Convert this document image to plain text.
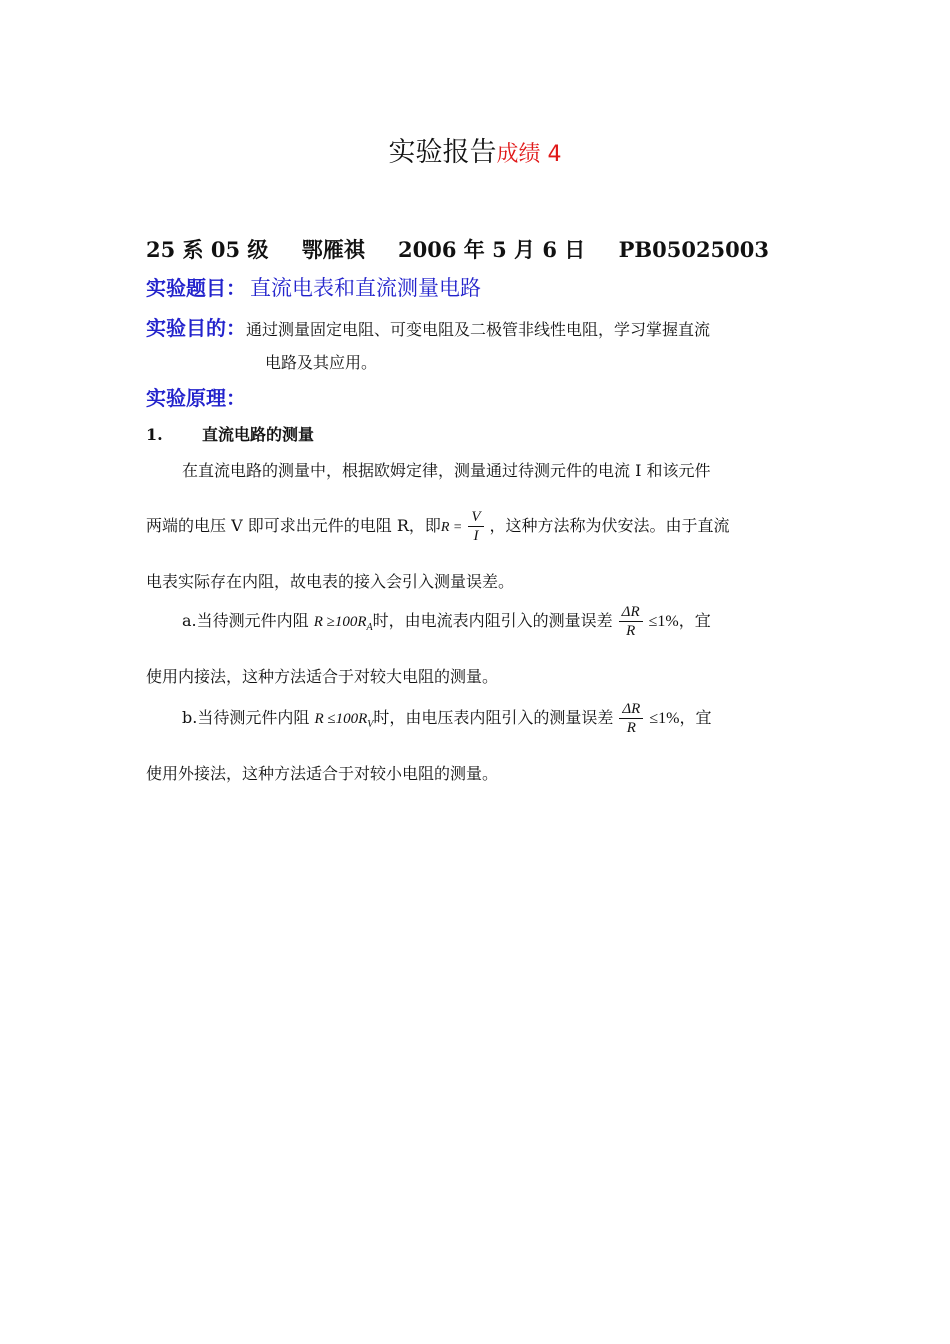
实验报告成绩 4
25 系 05 级 鄂雁祺 2006 年 5 月 6 日 PB05025003
实验题目： 直流电表和直流测量电路
实验目的：通过测量固定电阻、可变电阻及二极管非线性电阻，学习掌握直流
电路及其应用。
实验原理：
1. 直流电路的测量
在直流电路的测量中，根据欧姆定律，测量通过待测元件的电流 I 和该元件
两端的电压 V 即可求出元件的电阻 R，即$R = \frac{V}{I}$ ，这种方法称为伏安法。由于直流
电表实际存在内阻，故电表的接入会引入测量误差。
a.当待测元件内阻 $R \ge 100R_A$时，由电流表内阻引入的测量误差 $\frac{\Delta R}{R} \le 1\%$，宜
使用内接法，这种方法适合于对较大电阻的测量。
b.当待测元件内阻 $R \le 100R_V$时，由电压表内阻引入的测量误差 $\frac{\Delta R}{R} \le 1\%$，宜
使用外接法，这种方法适合于对较小电阻的测量。
